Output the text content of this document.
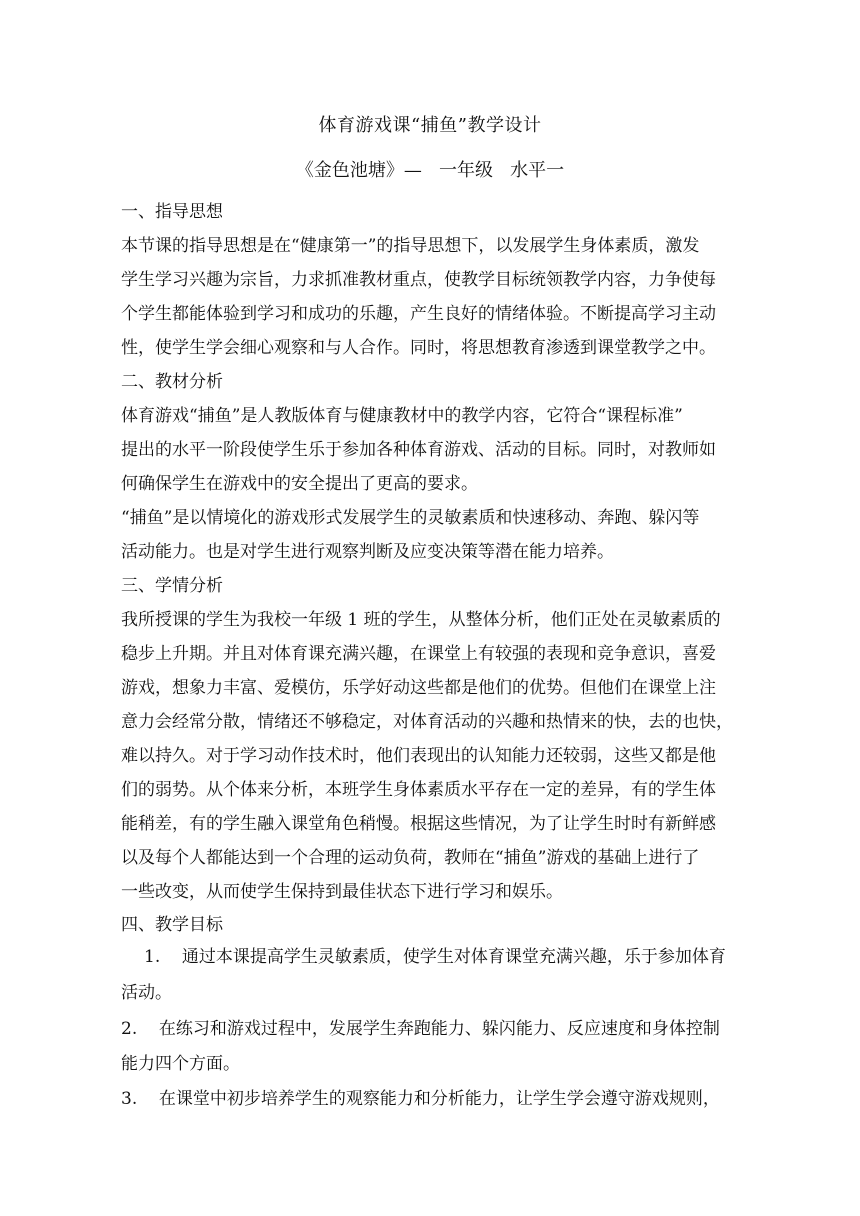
体育游戏课“捕鱼”教学设计
《金色池塘》—   一年级   水平一
一、指导思想
本节课的指导思想是在“健康第一”的指导思想下，以发展学生身体素质，激发
学生学习兴趣为宗旨，力求抓准教材重点，使教学目标统领教学内容，力争使每
个学生都能体验到学习和成功的乐趣，产生良好的情绪体验。不断提高学习主动
性，使学生学会细心观察和与人合作。同时，将思想教育渗透到课堂教学之中。
二、教材分析
体育游戏“捕鱼”是人教版体育与健康教材中的教学内容，它符合“课程标准”
提出的水平一阶段使学生乐于参加各种体育游戏、活动的目标。同时，对教师如
何确保学生在游戏中的安全提出了更高的要求。
“捕鱼”是以情境化的游戏形式发展学生的灵敏素质和快速移动、奔跑、躲闪等
活动能力。也是对学生进行观察判断及应变决策等潜在能力培养。
三、学情分析
我所授课的学生为我校一年级 1 班的学生，从整体分析，他们正处在灵敏素质的
稳步上升期。并且对体育课充满兴趣，在课堂上有较强的表现和竞争意识，喜爱
游戏，想象力丰富、爱模仿，乐学好动这些都是他们的优势。但他们在课堂上注
意力会经常分散，情绪还不够稳定，对体育活动的兴趣和热情来的快，去的也快，
难以持久。对于学习动作技术时，他们表现出的认知能力还较弱，这些又都是他
们的弱势。从个体来分析，本班学生身体素质水平存在一定的差异，有的学生体
能稍差，有的学生融入课堂角色稍慢。根据这些情况，为了让学生时时有新鲜感
以及每个人都能达到一个合理的运动负荷，教师在“捕鱼”游戏的基础上进行了
一些改变，从而使学生保持到最佳状态下进行学习和娱乐。
四、教学目标
1.    通过本课提高学生灵敏素质，使学生对体育课堂充满兴趣，乐于参加体育
活动。
2.    在练习和游戏过程中，发展学生奔跑能力、躲闪能力、反应速度和身体控制
能力四个方面。
3.    在课堂中初步培养学生的观察能力和分析能力，让学生学会遵守游戏规则，
